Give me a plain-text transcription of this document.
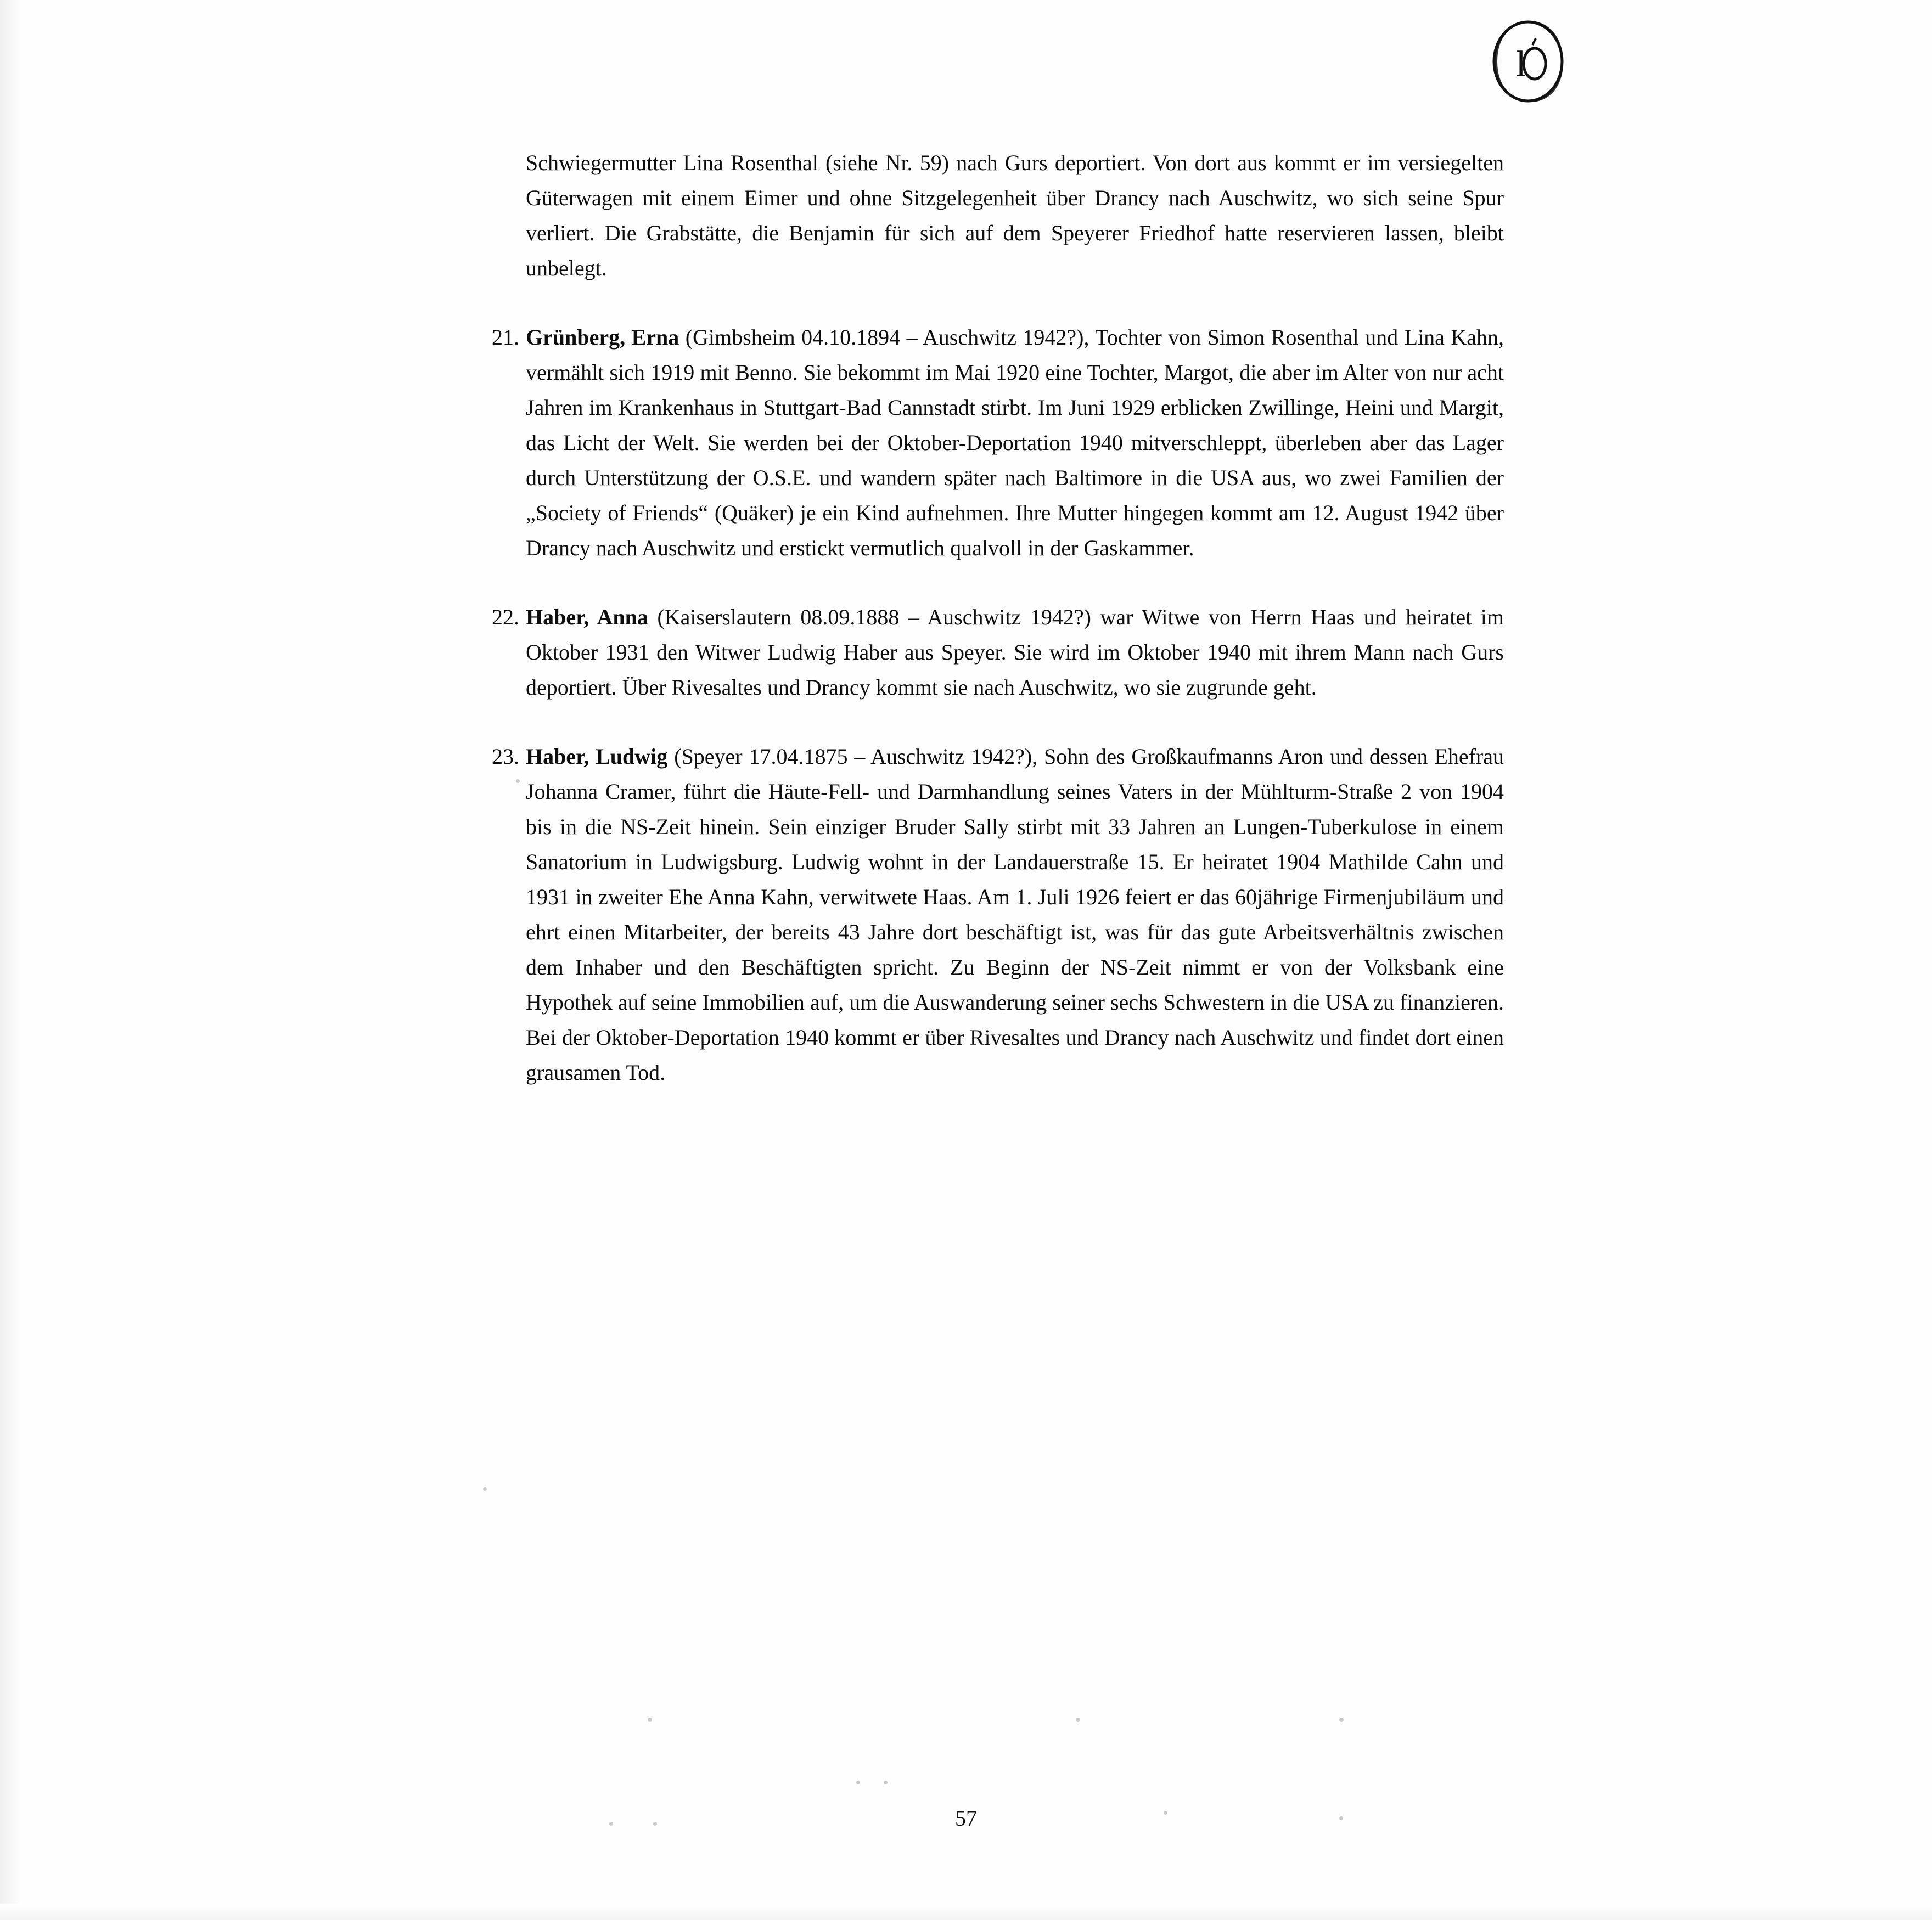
l

Schwiegermutter Lina Rosenthal (siehe Nr. 59) nach Gurs deportiert. Von dort aus kommt er im versiegelten Güterwagen mit einem Eimer und ohne Sitzgelegenheit über Drancy nach Auschwitz, wo sich seine Spur verliert. Die Grabstätte, die Benjamin für sich auf dem Speyerer Friedhof hatte reservieren lassen, bleibt unbelegt.

21. Grünberg, Erna (Gimbsheim 04.10.1894 – Auschwitz 1942?), Tochter von Simon Rosenthal und Lina Kahn, vermählt sich 1919 mit Benno. Sie bekommt im Mai 1920 eine Tochter, Margot, die aber im Alter von nur acht Jahren im Krankenhaus in Stuttgart-Bad Cannstadt stirbt. Im Juni 1929 erblicken Zwillinge, Heini und Margit, das Licht der Welt. Sie werden bei der Oktober-Deportation 1940 mitverschleppt, überleben aber das Lager durch Unterstützung der O.S.E. und wandern später nach Baltimore in die USA aus, wo zwei Familien der „Society of Friends“ (Quäker) je ein Kind aufnehmen. Ihre Mutter hingegen kommt am 12. August 1942 über Drancy nach Auschwitz und erstickt vermutlich qualvoll in der Gaskammer.

22. Haber, Anna (Kaiserslautern 08.09.1888 – Auschwitz 1942?) war Witwe von Herrn Haas und heiratet im Oktober 1931 den Witwer Ludwig Haber aus Speyer. Sie wird im Oktober 1940 mit ihrem Mann nach Gurs deportiert. Über Rivesaltes und Drancy kommt sie nach Auschwitz, wo sie zugrunde geht.

23. Haber, Ludwig (Speyer 17.04.1875 – Auschwitz 1942?), Sohn des Großkaufmanns Aron und dessen Ehefrau Johanna Cramer, führt die Häute-Fell- und Darmhandlung seines Vaters in der Mühlturm-Straße 2 von 1904 bis in die NS-Zeit hinein. Sein einziger Bruder Sally stirbt mit 33 Jahren an Lungen-Tuberkulose in einem Sanatorium in Ludwigsburg. Ludwig wohnt in der Landauerstraße 15. Er heiratet 1904 Mathilde Cahn und 1931 in zweiter Ehe Anna Kahn, verwitwete Haas. Am 1. Juli 1926 feiert er das 60jährige Firmenjubiläum und ehrt einen Mitarbeiter, der bereits 43 Jahre dort beschäftigt ist, was für das gute Arbeitsverhältnis zwischen dem Inhaber und den Beschäftigten spricht. Zu Beginn der NS-Zeit nimmt er von der Volksbank eine Hypothek auf seine Immobilien auf, um die Auswanderung seiner sechs Schwestern in die USA zu finanzieren. Bei der Oktober-Deportation 1940 kommt er über Rivesaltes und Drancy nach Auschwitz und findet dort einen grausamen Tod.

57
